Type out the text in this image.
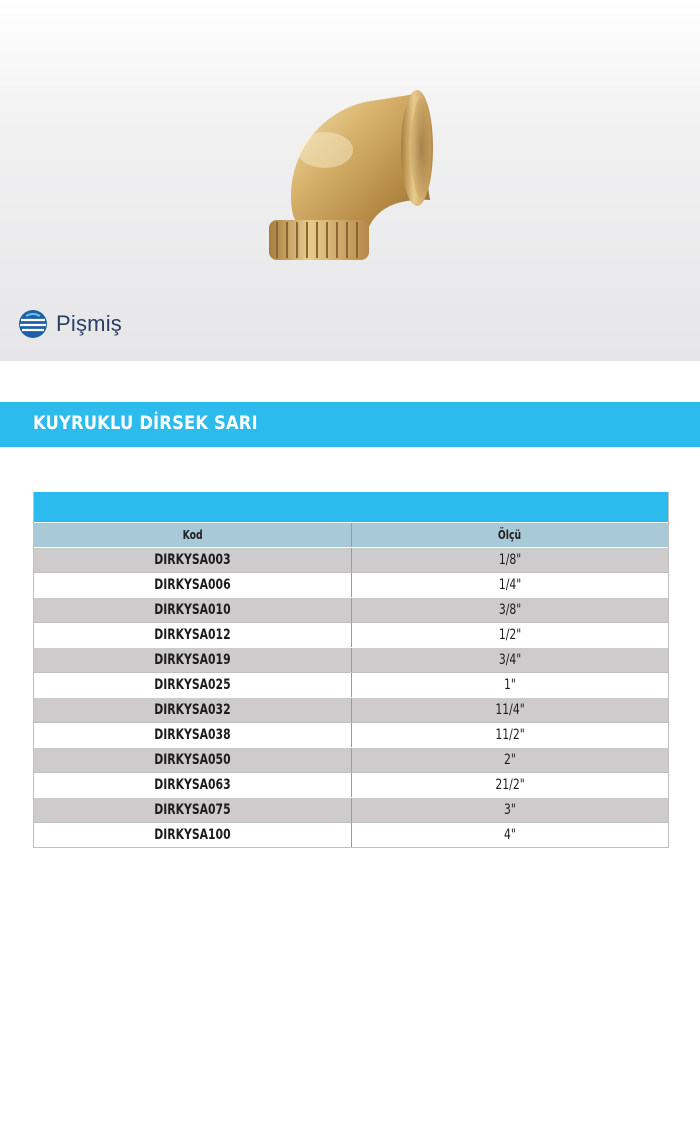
Pişmiş
KUYRUKLU DİRSEK SARI
Kod	Ölçü
DIRKYSA003	1/8"
DIRKYSA006	1/4"
DIRKYSA010	3/8"
DIRKYSA012	1/2"
DIRKYSA019	3/4"
DIRKYSA025	1"
DIRKYSA032	11/4"
DIRKYSA038	11/2"
DIRKYSA050	2"
DIRKYSA063	21/2"
DIRKYSA075	3"
DIRKYSA100	4"
